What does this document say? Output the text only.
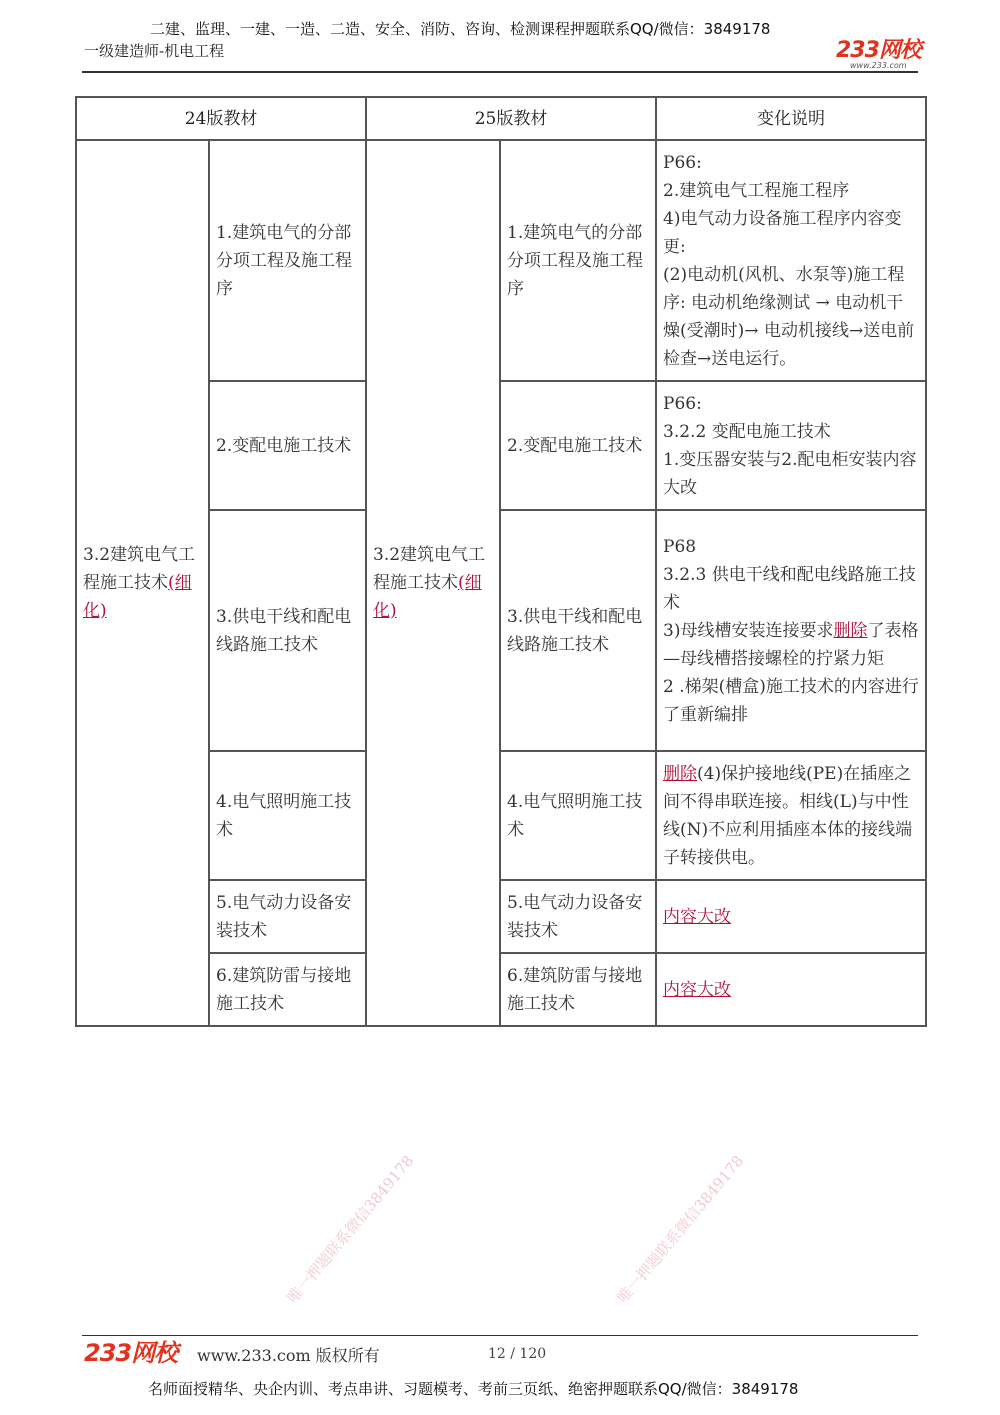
二建、监理、一建、一造、二造、安全、消防、咨询、检测课程押题联系QQ/微信：3849178
一级建造师-机电工程	233网校
www.233.com
24版教材		25版教材		变化说明
3.2建筑电气工程施工技术(细化)	1.建筑电气的分部分项工程及施工程序	3.2建筑电气工程施工技术(细化)	1.建筑电气的分部分项工程及施工程序	P66:
2.建筑电气工程施工程序
4)电气动力设备施工程序内容变更:
(2)电动机(风机、水泵等)施工程序: 电动机绝缘测试 → 电动机干燥(受潮时)→ 电动机接线→送电前检查→送电运行。

	2.变配电施工技术		2.变配电施工技术	P66:
3.2.2 变配电施工技术
1.变压器安装与2.配电柜安装内容大改

	3.供电干线和配电线路施工技术		3.供电干线和配电线路施工技术	P68
3.2.3 供电干线和配电线路施工技术
3)母线槽安装连接要求删除了表格—母线槽搭接螺栓的拧紧力矩
2 .梯架(槽盒)施工技术的内容进行了重新编排

	4.电气照明施工技术		4.电气照明施工技术	删除(4)保护接地线(PE)在插座之间不得串联连接。相线(L)与中性线(N)不应利用插座本体的接线端子转接供电。
	5.电气动力设备安装技术		5.电气动力设备安装技术	内容大改
	6.建筑防雷与接地施工技术		6.建筑防雷与接地施工技术	内容大改
唯一押题联系微信3849178	唯一押题联系微信3849178
233网校 www.233.com 版权所有	12 / 120
名师面授精华、央企内训、考点串讲、习题模考、考前三页纸、绝密押题联系QQ/微信：3849178
